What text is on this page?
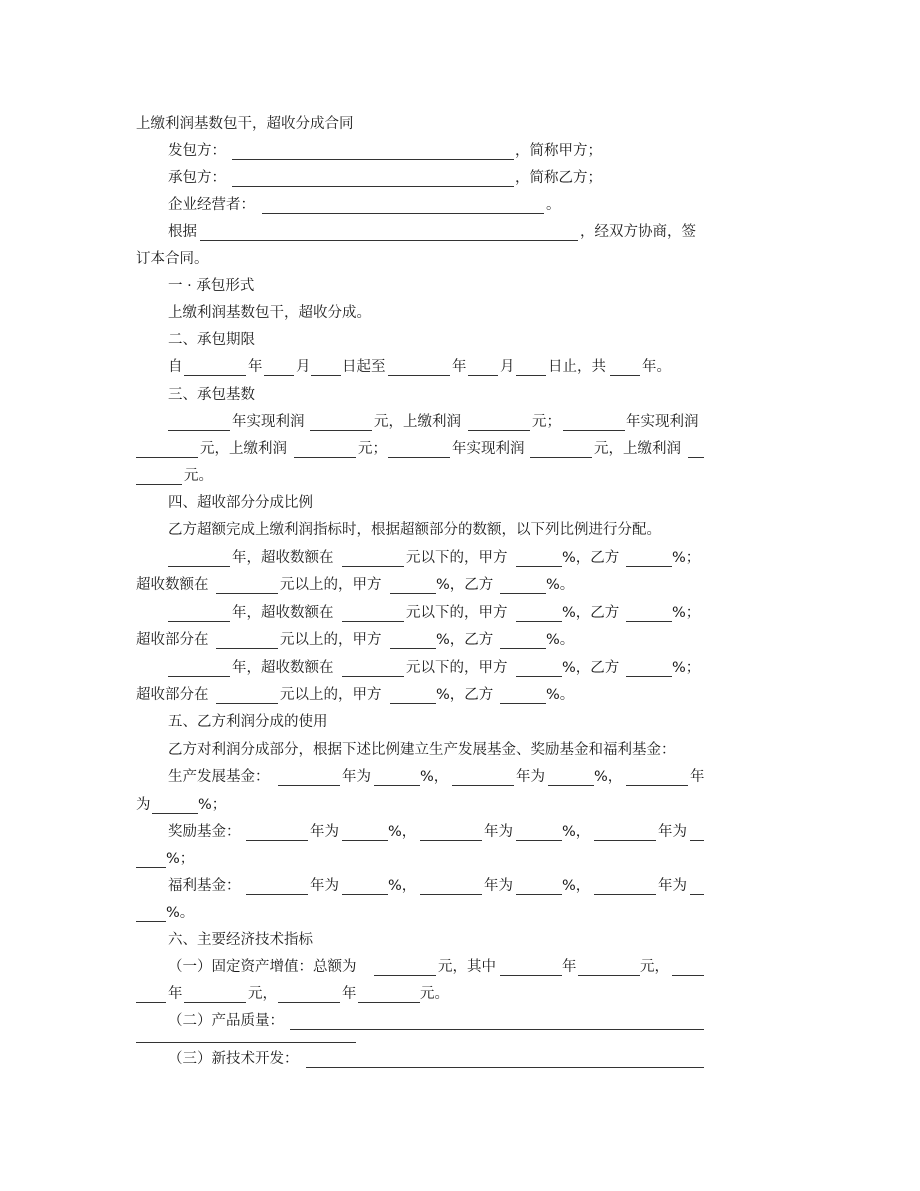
上缴利润基数包干，超收分成合同
发包方：	，简称甲方；
承包方：	，简称乙方；
企业经营者：	。
根据	，经双方协商，签
订本合同。
一 · 承包形式
上缴利润基数包干，超收分成。
二、承包期限
自	年 月 日起至	年 月 日止，共 年。
三、承包基数
年实现利润	元，上缴利润	元；	年实现利润
元，上缴利润	元；	年实现利润	元，上缴利润
元。
四、超收部分分成比例
乙方超额完成上缴利润指标时，根据超额部分的数额，以下列比例进行分配。
年，超收数额在	元以下的，甲方	%，乙方	%；
超收数额在	元以上的，甲方	%，乙方	%。
年，超收数额在	元以下的，甲方	%，乙方	%；
超收部分在	元以上的，甲方	%，乙方	%。
年，超收数额在	元以下的，甲方	%，乙方	%；
超收部分在	元以上的，甲方	%，乙方	%。
五、乙方利润分成的使用
乙方对利润分成部分，根据下述比例建立生产发展基金、奖励基金和福利基金：
生产发展基金：	年为	%，	年为	%，	年
为	%；
奖励基金：	年为	%，	年为	%，	年为
%；
福利基金：	年为	%，	年为	%，	年为
%。
六、主要经济技术指标
（一）固定资产增值：总额为	元，其中	年	元，
年	元，	年	元。
（二）产品质量：
（三）新技术开发：
